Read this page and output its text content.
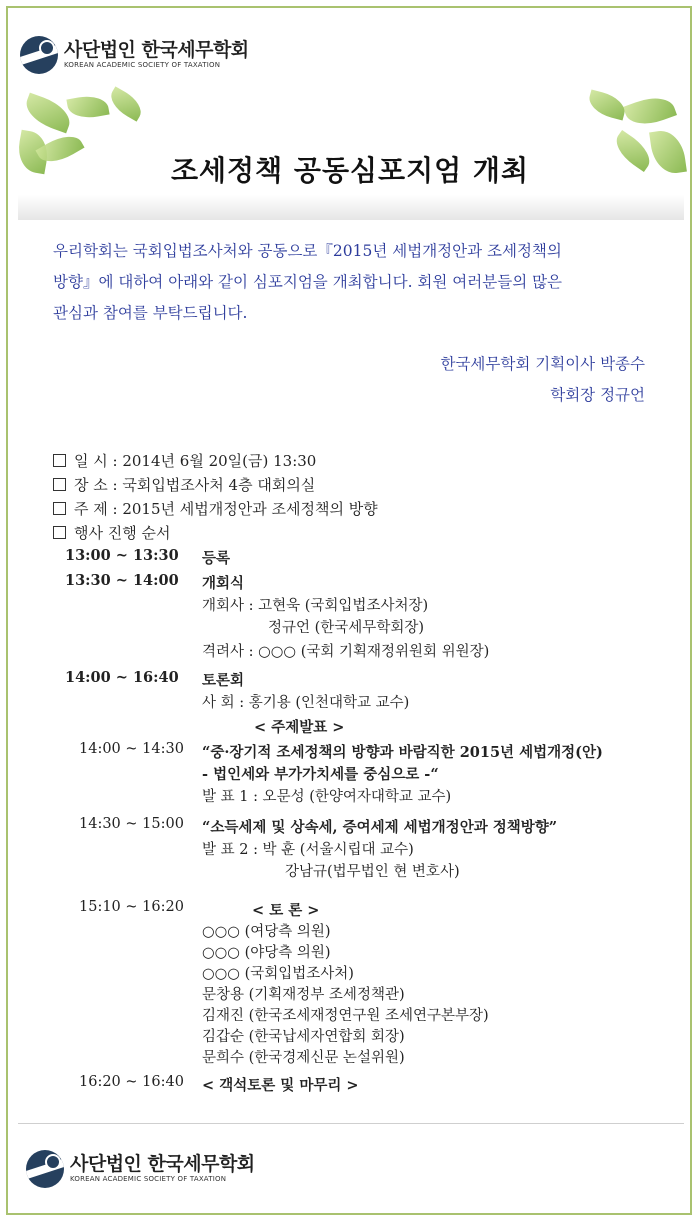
사단법인 한국세무학회
KOREAN ACADEMIC SOCIETY OF TAXATION
조세정책 공동심포지엄 개최

우리학회는 국회입법조사처와 공동으로『2015년 세법개정안과 조세정책의

방향』에 대하여 아래와 같이 심포지엄을 개최합니다. 회원 여러분들의 많은

관심과 참여를 부탁드립니다.

한국세무학회 기획이사 박종수
학회장 정규언
일 시 : 2014년 6월 20일(금) 13:30
장 소 : 국회입법조사처 4층 대회의실
주 제 : 2015년 세법개정안과 조세정책의 방향
행사 진행 순서
13:00 ~ 13:30 등록
13:30 ~ 14:00 개회식
개회사 : 고현욱 (국회입법조사처장)
정규언 (한국세무학회장)
격려사 : ○○○ (국회 기획재정위원회 위원장)
14:00 ~ 16:40 토론회
사 회 : 홍기용 (인천대학교 교수)
< 주제발표 >
14:00 ~ 14:30 “중·장기적 조세정책의 방향과 바람직한 2015년 세법개정(안)
- 법인세와 부가가치세를 중심으로 -“
발 표 1 : 오문성 (한양여자대학교 교수)
14:30 ~ 15:00 “소득세제 및 상속세, 증여세제 세법개정안과 정책방향”
발 표 2 : 박 훈 (서울시립대 교수)
강남규(법무법인 현 변호사)
15:10 ~ 16:20	< 토 론 >
○○○ (여당측 의원)
○○○ (야당측 의원)
○○○ (국회입법조사처)
문창용 (기획재정부 조세정책관)
김재진 (한국조세재정연구원 조세연구본부장)
김갑순 (한국납세자연합회 회장)
문희수 (한국경제신문 논설위원)
16:20 ~ 16:40 < 객석토론 및 마무리 >
사단법인 한국세무학회
KOREAN ACADEMIC SOCIETY OF TAXATION
